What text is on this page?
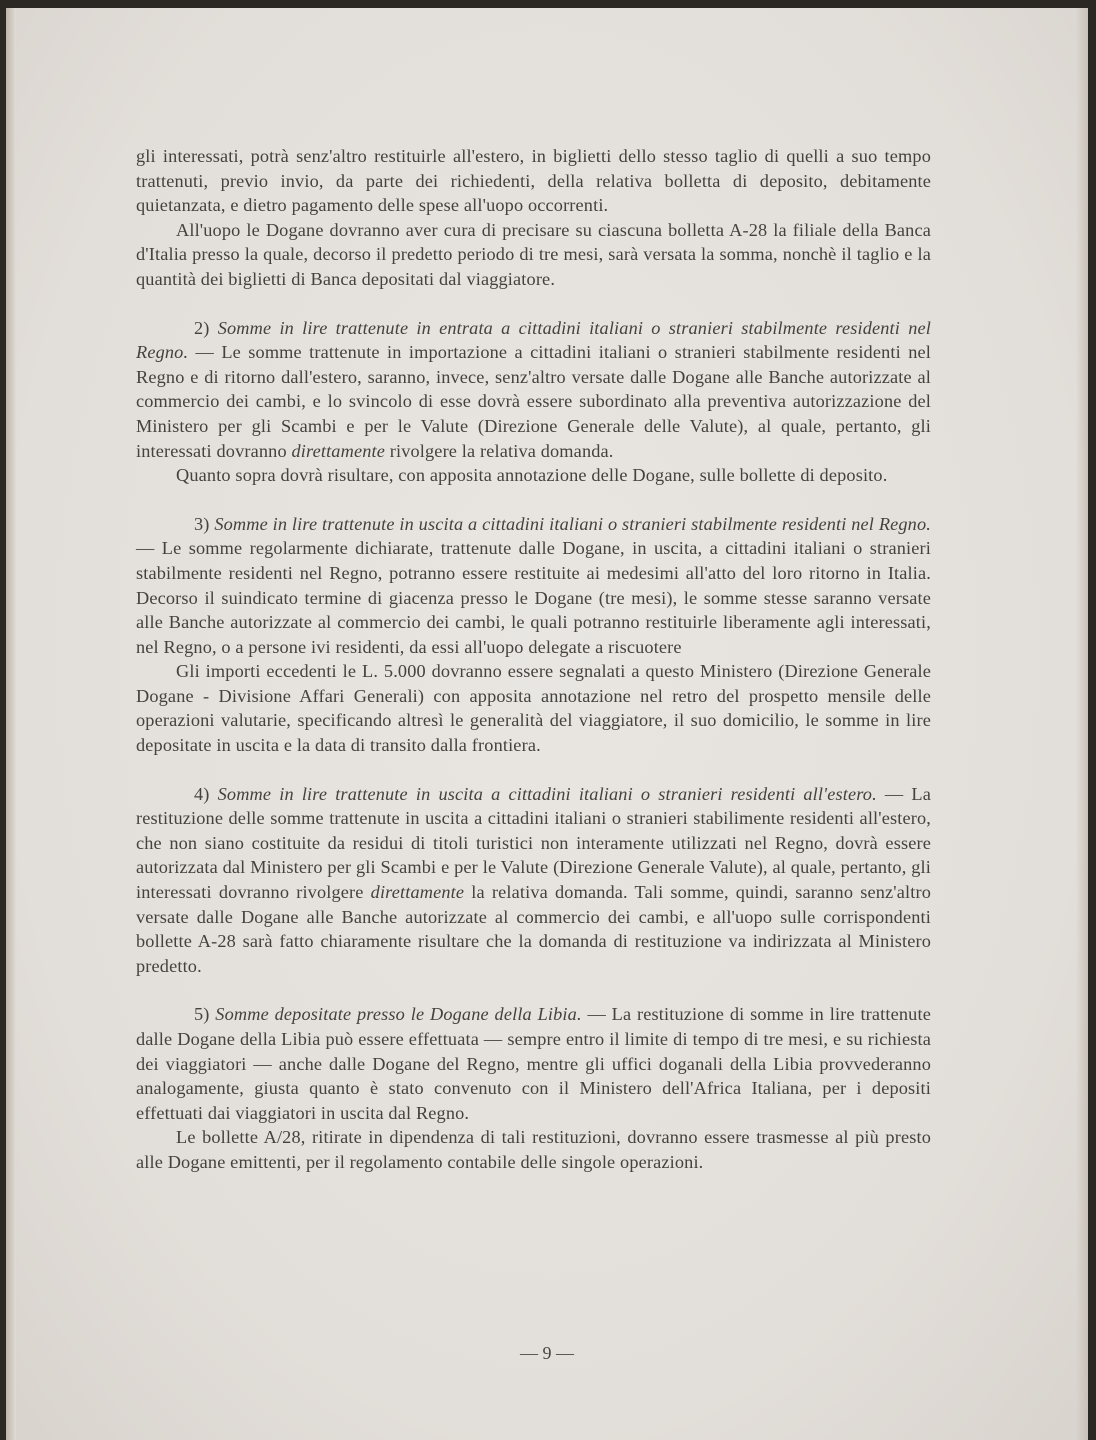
gli interessati, potrà senz'altro restituirle all'estero, in biglietti dello stesso taglio di quelli a suo tempo trattenuti, previo invio, da parte dei richiedenti, della relativa bolletta di deposito, debitamente quietanzata, e dietro pagamento delle spese all'uopo occorrenti.

All'uopo le Dogane dovranno aver cura di precisare su ciascuna bolletta A-28 la filiale della Banca d'Italia presso la quale, decorso il predetto periodo di tre mesi, sarà versata la somma, nonchè il taglio e la quantità dei biglietti di Banca depositati dal viaggiatore.

2) Somme in lire trattenute in entrata a cittadini italiani o stranieri stabilmente residenti nel Regno. — Le somme trattenute in importazione a cittadini italiani o stranieri stabilmente residenti nel Regno e di ritorno dall'estero, saranno, invece, senz'altro versate dalle Dogane alle Banche autorizzate al commercio dei cambi, e lo svincolo di esse dovrà essere subordinato alla preventiva autorizzazione del Ministero per gli Scambi e per le Valute (Direzione Generale delle Valute), al quale, pertanto, gli interessati dovranno direttamente rivolgere la relativa domanda.

Quanto sopra dovrà risultare, con apposita annotazione delle Dogane, sulle bollette di deposito.

3) Somme in lire trattenute in uscita a cittadini italiani o stranieri stabilmente residenti nel Regno. — Le somme regolarmente dichiarate, trattenute dalle Dogane, in uscita, a cittadini italiani o stranieri stabilmente residenti nel Regno, potranno essere restituite ai medesimi all'atto del loro ritorno in Italia. Decorso il suindicato termine di giacenza presso le Dogane (tre mesi), le somme stesse saranno versate alle Banche autorizzate al commercio dei cambi, le quali potranno restituirle liberamente agli interessati, nel Regno, o a persone ivi residenti, da essi all'uopo delegate a riscuotere

Gli importi eccedenti le L. 5.000 dovranno essere segnalati a questo Ministero (Direzione Generale Dogane - Divisione Affari Generali) con apposita annotazione nel retro del prospetto mensile delle operazioni valutarie, specificando altresì le generalità del viaggiatore, il suo domicilio, le somme in lire depositate in uscita e la data di transito dalla frontiera.

4) Somme in lire trattenute in uscita a cittadini italiani o stranieri residenti all'estero. — La restituzione delle somme trattenute in uscita a cittadini italiani o stranieri stabilimente residenti all'estero, che non siano costituite da residui di titoli turistici non interamente utilizzati nel Regno, dovrà essere autorizzata dal Ministero per gli Scambi e per le Valute (Direzione Generale Valute), al quale, pertanto, gli interessati dovranno rivolgere direttamente la relativa domanda. Tali somme, quindi, saranno senz'altro versate dalle Dogane alle Banche autorizzate al commercio dei cambi, e all'uopo sulle corrispondenti bollette A-28 sarà fatto chiaramente risultare che la domanda di restituzione va indirizzata al Ministero predetto.

5) Somme depositate presso le Dogane della Libia. — La restituzione di somme in lire trattenute dalle Dogane della Libia può essere effettuata — sempre entro il limite di tempo di tre mesi, e su richiesta dei viaggiatori — anche dalle Dogane del Regno, mentre gli uffici doganali della Libia provvederanno analogamente, giusta quanto è stato convenuto con il Ministero dell'Africa Italiana, per i depositi effettuati dai viaggiatori in uscita dal Regno.

Le bollette A/28, ritirate in dipendenza di tali restituzioni, dovranno essere trasmesse al più presto alle Dogane emittenti, per il regolamento contabile delle singole operazioni.

— 9 —
